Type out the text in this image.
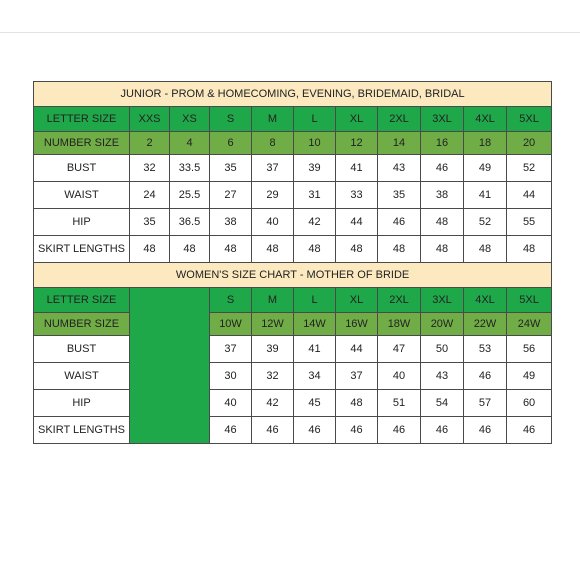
JUNIOR - PROM & HOMECOMING, EVENING, BRIDEMAID, BRIDAL										
LETTER SIZE	XXS	XS	S	M	L	XL	2XL	3XL	4XL	5XL
NUMBER SIZE	2	4	6	8	10	12	14	16	18	20
BUST	32	33.5	35	37	39	41	43	46	49	52
WAIST	24	25.5	27	29	31	33	35	38	41	44
HIP	35	36.5	38	40	42	44	46	48	52	55
SKIRT LENGTHS	48	48	48	48	48	48	48	48	48	48
WOMEN'S SIZE CHART - MOTHER OF BRIDE										
LETTER SIZE			S	M	L	XL	2XL	3XL	4XL	5XL
NUMBER SIZE			10W	12W	14W	16W	18W	20W	22W	24W
BUST			37	39	41	44	47	50	53	56
WAIST			30	32	34	37	40	43	46	49
HIP			40	42	45	48	51	54	57	60
SKIRT LENGTHS			46	46	46	46	46	46	46	46
